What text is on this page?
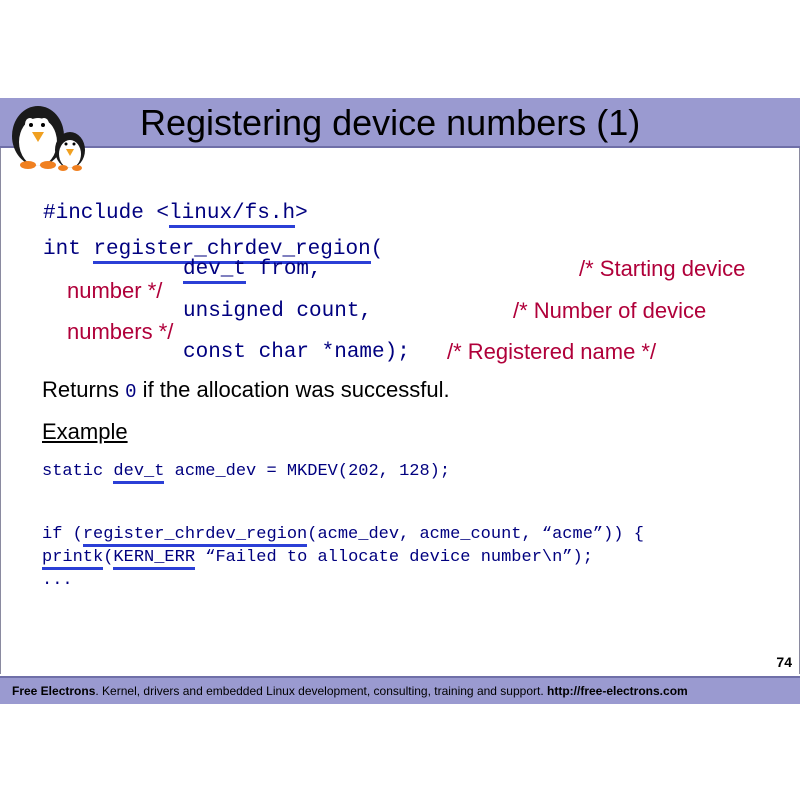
Registering device numbers (1)
#include <linux/fs.h>
int register_chrdev_region(
dev_t from,	/* Starting device
number */
unsigned count,	/* Number of device
numbers */
const char *name); /* Registered name */
Returns 0 if the allocation was successful.
Example
static dev_t acme_dev = MKDEV(202, 128);
if (register_chrdev_region(acme_dev, acme_count, “acme”)) {
printk(KERN_ERR “Failed to allocate device number\n”);
...
74
Free Electrons. Kernel, drivers and embedded Linux development, consulting, training and support. http://free-electrons.com
